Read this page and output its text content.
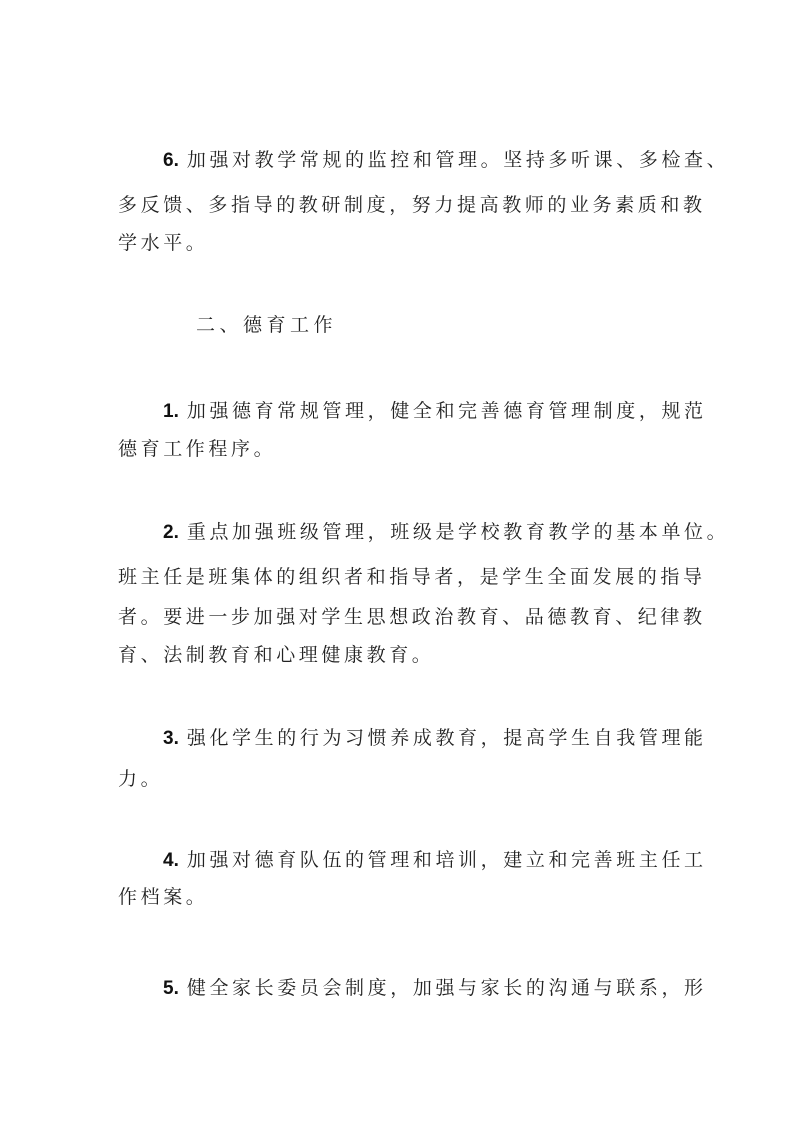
6. 加强对教学常规的监控和管理。坚持多听课、多检查、
多反馈、多指导的教研制度，努力提高教师的业务素质和教
学水平。
二、德育工作
1. 加强德育常规管理，健全和完善德育管理制度，规范
德育工作程序。
2. 重点加强班级管理，班级是学校教育教学的基本单位。
班主任是班集体的组织者和指导者，是学生全面发展的指导
者。要进一步加强对学生思想政治教育、品德教育、纪律教
育、法制教育和心理健康教育。
3. 强化学生的行为习惯养成教育，提高学生自我管理能
力。
4. 加强对德育队伍的管理和培训，建立和完善班主任工
作档案。
5. 健全家长委员会制度，加强与家长的沟通与联系，形
